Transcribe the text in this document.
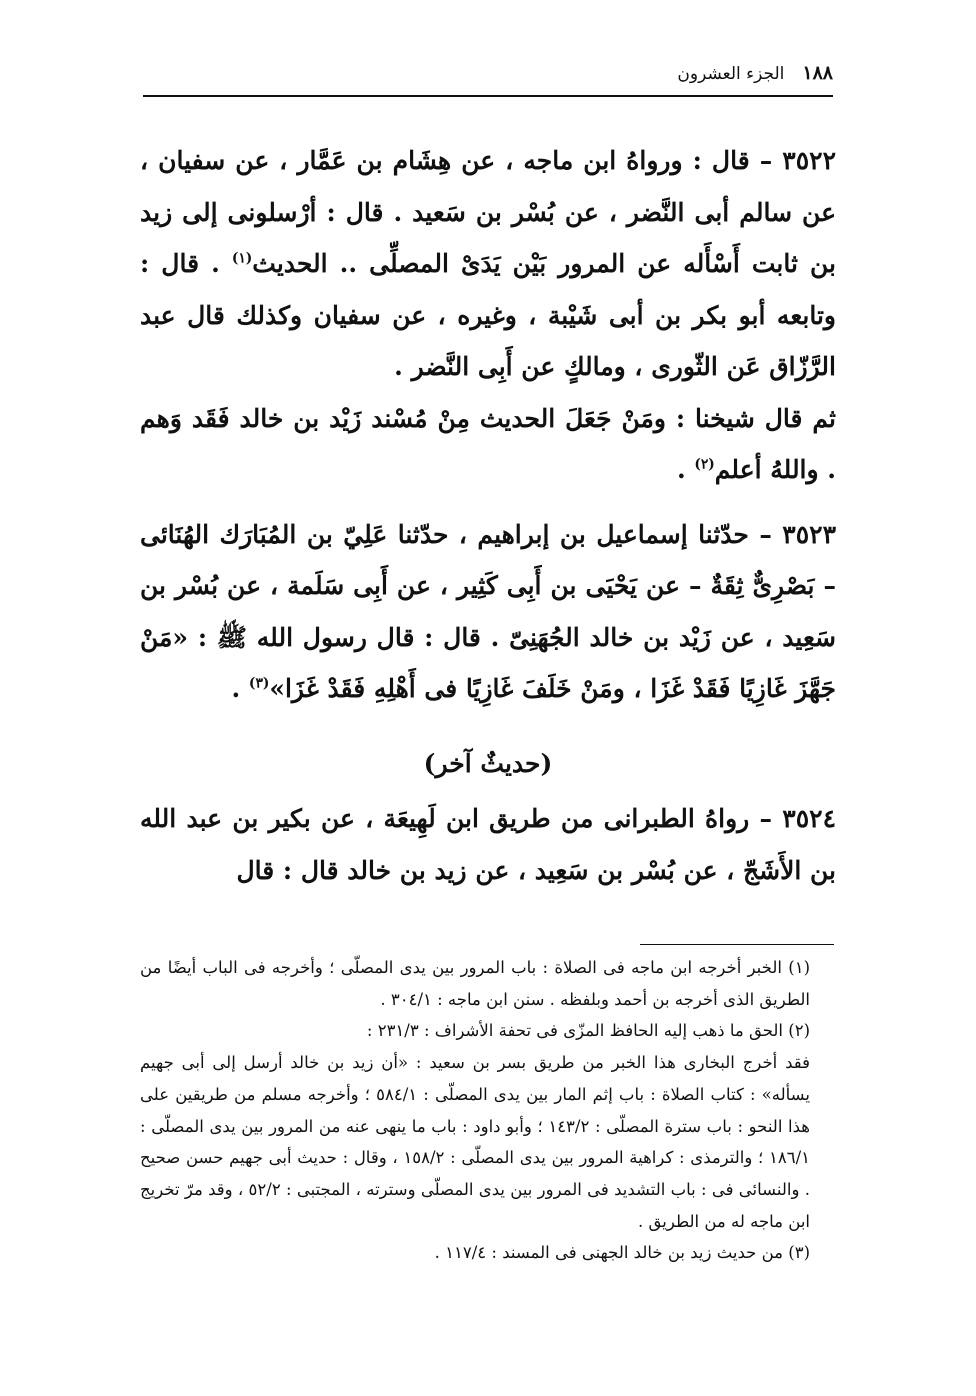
١٨٨
الجزء العشرون

٣٥٢٢ – قال : ورواهُ ابن ماجه ، عن هِشَام بن عَمَّار ، عن سفيان ، عن سالم أبى النَّضر ، عن بُسْر بن سَعيد . قال : أرْسلونى إلى زيد بن ثابت أَسْأَله عن المرور بَيْن يَدَىْ المصلِّى .. الحديث$^{(١)}$ . قال : وتابعه أبو بكر بن أبى شَيْبة ، وغيره ، عن سفيان وكذلك قال عبد الرَّزّاق عَن الثّورى ، ومالكٍ عن أَبِى النَّضر .

ثم قال شيخنا : ومَنْ جَعَلَ الحديث مِنْ مُسْند زَيْد بن خالد فَقَد وَهم . واللهُ أعلم$^{(٢)}$ .

٣٥٢٣ – حدّثنا إسماعيل بن إبراهيم ، حدّثنا عَلِيّ بن المُبَارَك الهُنَائى – بَصْرِىٌّ ثِقَةٌ – عن يَحْيَى بن أَبِى كَثِير ، عن أَبِى سَلَمة ، عن بُسْر بن سَعِيد ، عن زَيْد بن خالد الجُهَنِىّ . قال : قال رسول الله ﷺ : «مَنْ جَهَّزَ غَازِيًا فَقَدْ غَزَا ، ومَنْ خَلَفَ غَازِيًا فى أَهْلِهِ فَقَدْ غَزَا»$^{(٣)}$ .

(حديثٌ آخر)

٣٥٢٤ – رواهُ الطبرانى من طريق ابن لَهِيعَة ، عن بكير بن عبد الله بن الأَشَجّ ، عن بُسْر بن سَعِيد ، عن زيد بن خالد قال : قال

(١) الخبر أخرجه ابن ماجه فى الصلاة : باب المرور بين يدى المصلّى ؛ وأخرجه فى الباب أيضًا من الطريق الذى أخرجه بن أحمد وبلفظه . سنن ابن ماجه : ٣٠٤/١ .

(٢) الحق ما ذهب إليه الحافظ المزّى فى تحفة الأشراف : ٢٣١/٣ :

فقد أخرج البخارى هذا الخبر من طريق بسر بن سعيد : «أن زيد بن خالد أرسل إلى أبى جهيم يسأله» : كتاب الصلاة : باب إثم المار بين يدى المصلّى : ٥٨٤/١ ؛ وأخرجه مسلم من طريقين على هذا النحو : باب سترة المصلّى : ١٤٣/٢ ؛ وأبو داود : باب ما ينهى عنه من المرور بين يدى المصلّى : ١٨٦/١ ؛ والترمذى : كراهية المرور بين يدى المصلّى : ١٥٨/٢ ، وقال : حديث أبى جهيم حسن صحيح . والنسائى فى : باب التشديد فى المرور بين يدى المصلّى وسترته ، المجتبى : ٥٢/٢ ، وقد مرّ تخريج ابن ماجه له من الطريق .

(٣) من حديث زيد بن خالد الجهنى فى المسند : ١١٧/٤ .
